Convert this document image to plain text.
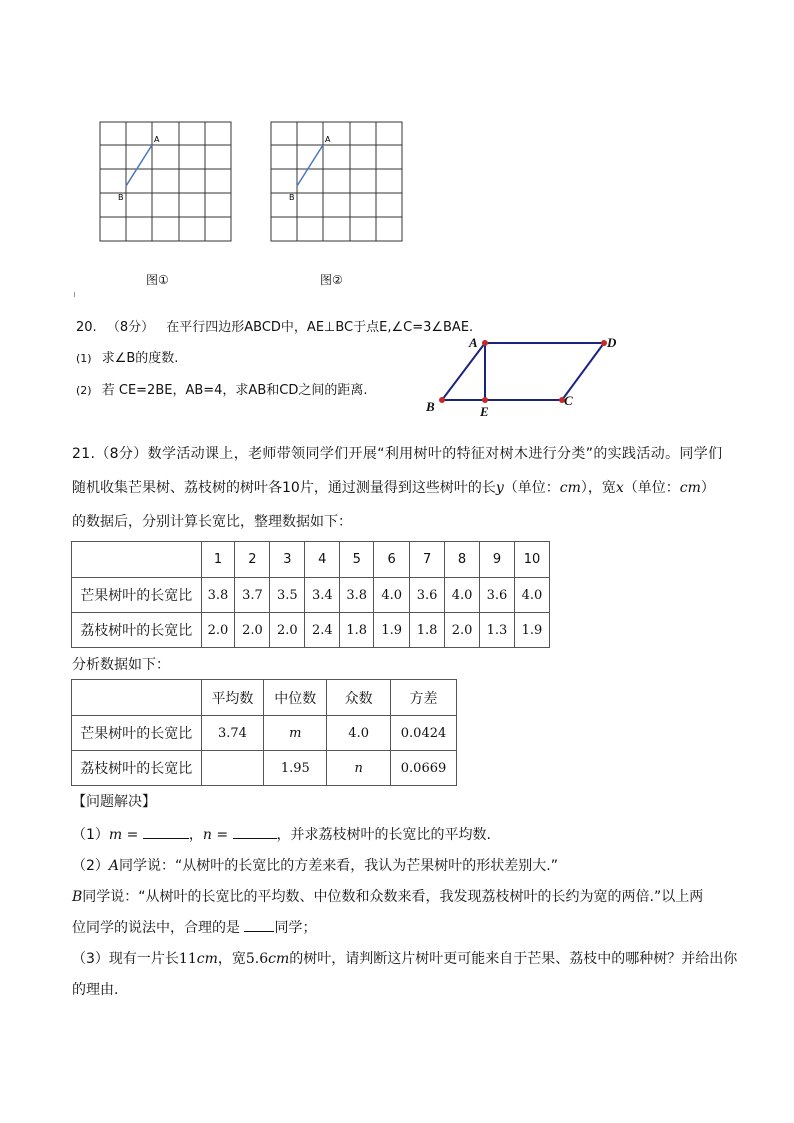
A
B
图①
A
B
图②
20. （8分） 在平行四边形ABCD中，AE⊥BC于点E,∠C=3∠BAE.
(1) 求∠B的度数.
(2) 若 CE=2BE，AB=4，求AB和CD之间的距离.
A	D
B	C
E
21.（8分）数学活动课上，老师带领同学们开展“利用树叶的特征对树木进行分类”的实践活动。同学们
随机收集芒果树、荔枝树的树叶各10片，通过测量得到这些树叶的长y（单位：cm），宽x（单位：cm）
的数据后，分别计算长宽比，整理数据如下：
	1	2	3	4	5	6	7	8	9	10
芒果树叶的长宽比	3.8	3.7	3.5	3.4	3.8	4.0	3.6	4.0	3.6	4.0
荔枝树叶的长宽比	2.0	2.0	2.0	2.4	1.8	1.9	1.8	2.0	1.3	1.9
分析数据如下：
	平均数	中位数	众数	方差
芒果树叶的长宽比	3.74	m	4.0	0.0424
荔枝树叶的长宽比		1.95	n	0.0669
【问题解决】
（1）m =	，n =	，并求荔枝树叶的长宽比的平均数.
（2）A同学说：“从树叶的长宽比的方差来看，我认为芒果树叶的形状差别大.”
B同学说：“从树叶的长宽比的平均数、中位数和众数来看，我发现荔枝树叶的长约为宽的两倍.”以上两
位同学的说法中，合理的是 同学；
（3）现有一片长11cm，宽5.6cm的树叶，请判断这片树叶更可能来自于芒果、荔枝中的哪种树？并给出你
的理由.
